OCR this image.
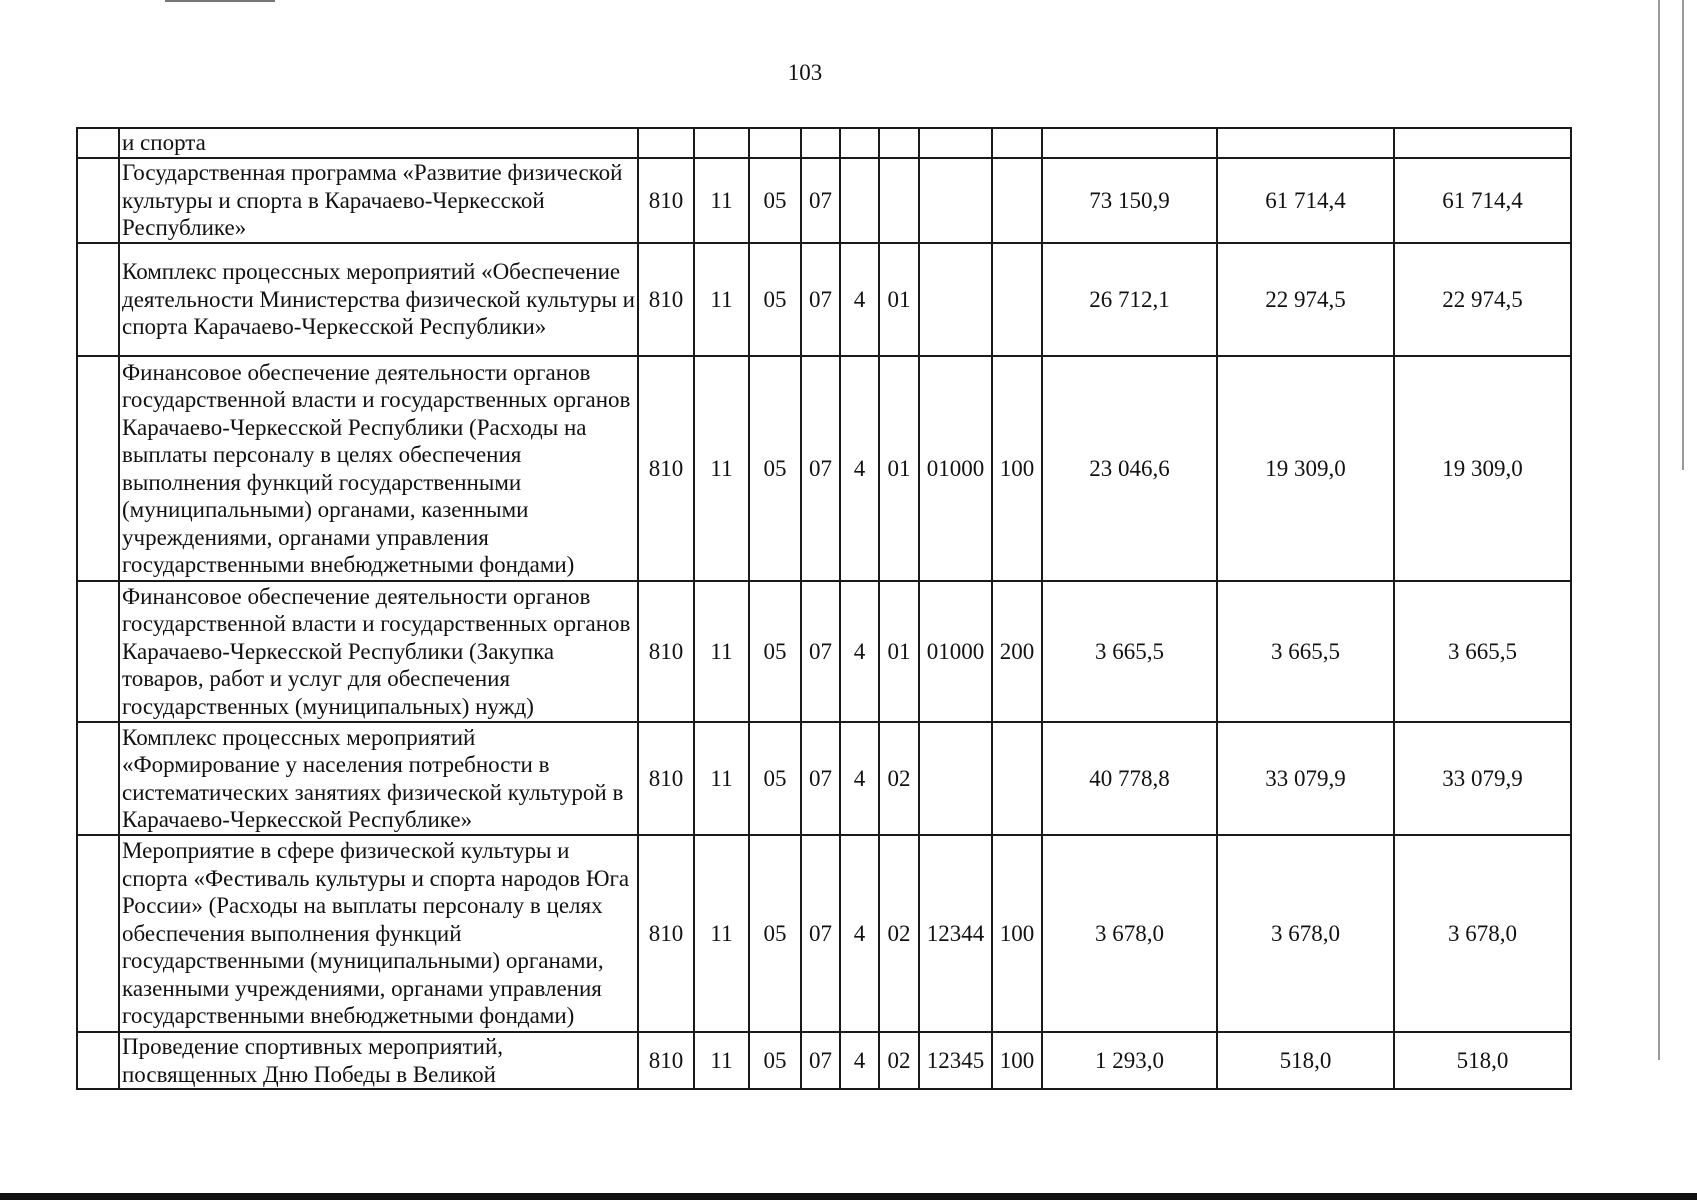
103
	и спорта											
	Государственная программа «Развитие физической культуры и спорта в Карачаево-Черкесской Республике»	810	11	05	07					73 150,9	61 714,4	61 714,4
	Комплекс процессных мероприятий «Обеспечение деятельности Министерства физической культуры и спорта Карачаево-Черкесской Республики»	810	11	05	07	4	01			26 712,1	22 974,5	22 974,5
	Финансовое обеспечение деятельности органов государственной власти и государственных органов Карачаево-Черкесской Республики (Расходы на выплаты персоналу в целях обеспечения выполнения функций государственными (муниципальными) органами, казенными учреждениями, органами управления государственными внебюджетными фондами)	810	11	05	07	4	01	01000	100	23 046,6	19 309,0	19 309,0
	Финансовое обеспечение деятельности органов государственной власти и государственных органов Карачаево-Черкесской Республики (Закупка товаров, работ и услуг для обеспечения государственных (муниципальных) нужд)	810	11	05	07	4	01	01000	200	3 665,5	3 665,5	3 665,5
	Комплекс процессных мероприятий «Формирование у населения потребности в систематических занятиях физической культурой в Карачаево-Черкесской Республике»	810	11	05	07	4	02			40 778,8	33 079,9	33 079,9
	Мероприятие в сфере физической культуры и спорта «Фестиваль культуры и спорта народов Юга России» (Расходы на выплаты персоналу в целях обеспечения выполнения функций государственными (муниципальными) органами, казенными учреждениями, органами управления государственными внебюджетными фондами)	810	11	05	07	4	02	12344	100	3 678,0	3 678,0	3 678,0
	Проведение спортивных мероприятий, посвященных Дню Победы в Великой	810	11	05	07	4	02	12345	100	1 293,0	518,0	518,0
